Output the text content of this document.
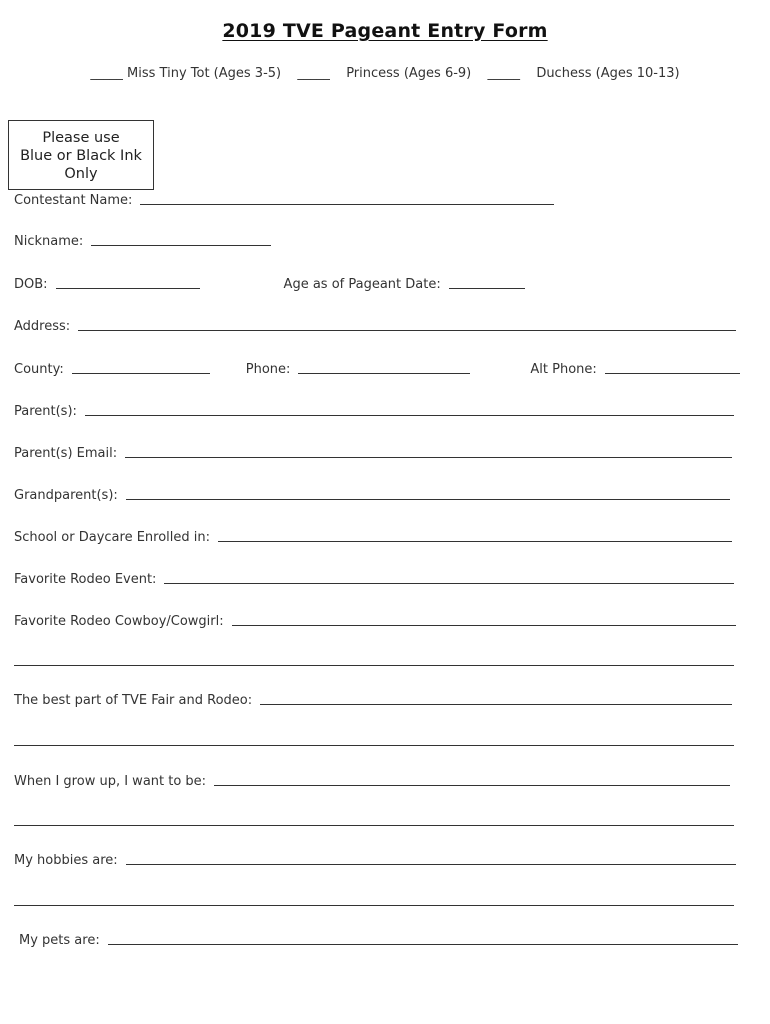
2019 TVE Pageant Entry Form
_____ Miss Tiny Tot (Ages 3-5) _____ Princess (Ages 6-9) _____ Duchess (Ages 10-13)
Please use
Blue or Black Ink
Only
Contestant Name:
Nickname:
DOB:	Age as of Pageant Date:
Address:
County:	Phone:	Alt Phone:
Parent(s):
Parent(s) Email:
Grandparent(s):
School or Daycare Enrolled in:
Favorite Rodeo Event:
Favorite Rodeo Cowboy/Cowgirl:
The best part of TVE Fair and Rodeo:
When I grow up, I want to be:
My hobbies are:
My pets are:
